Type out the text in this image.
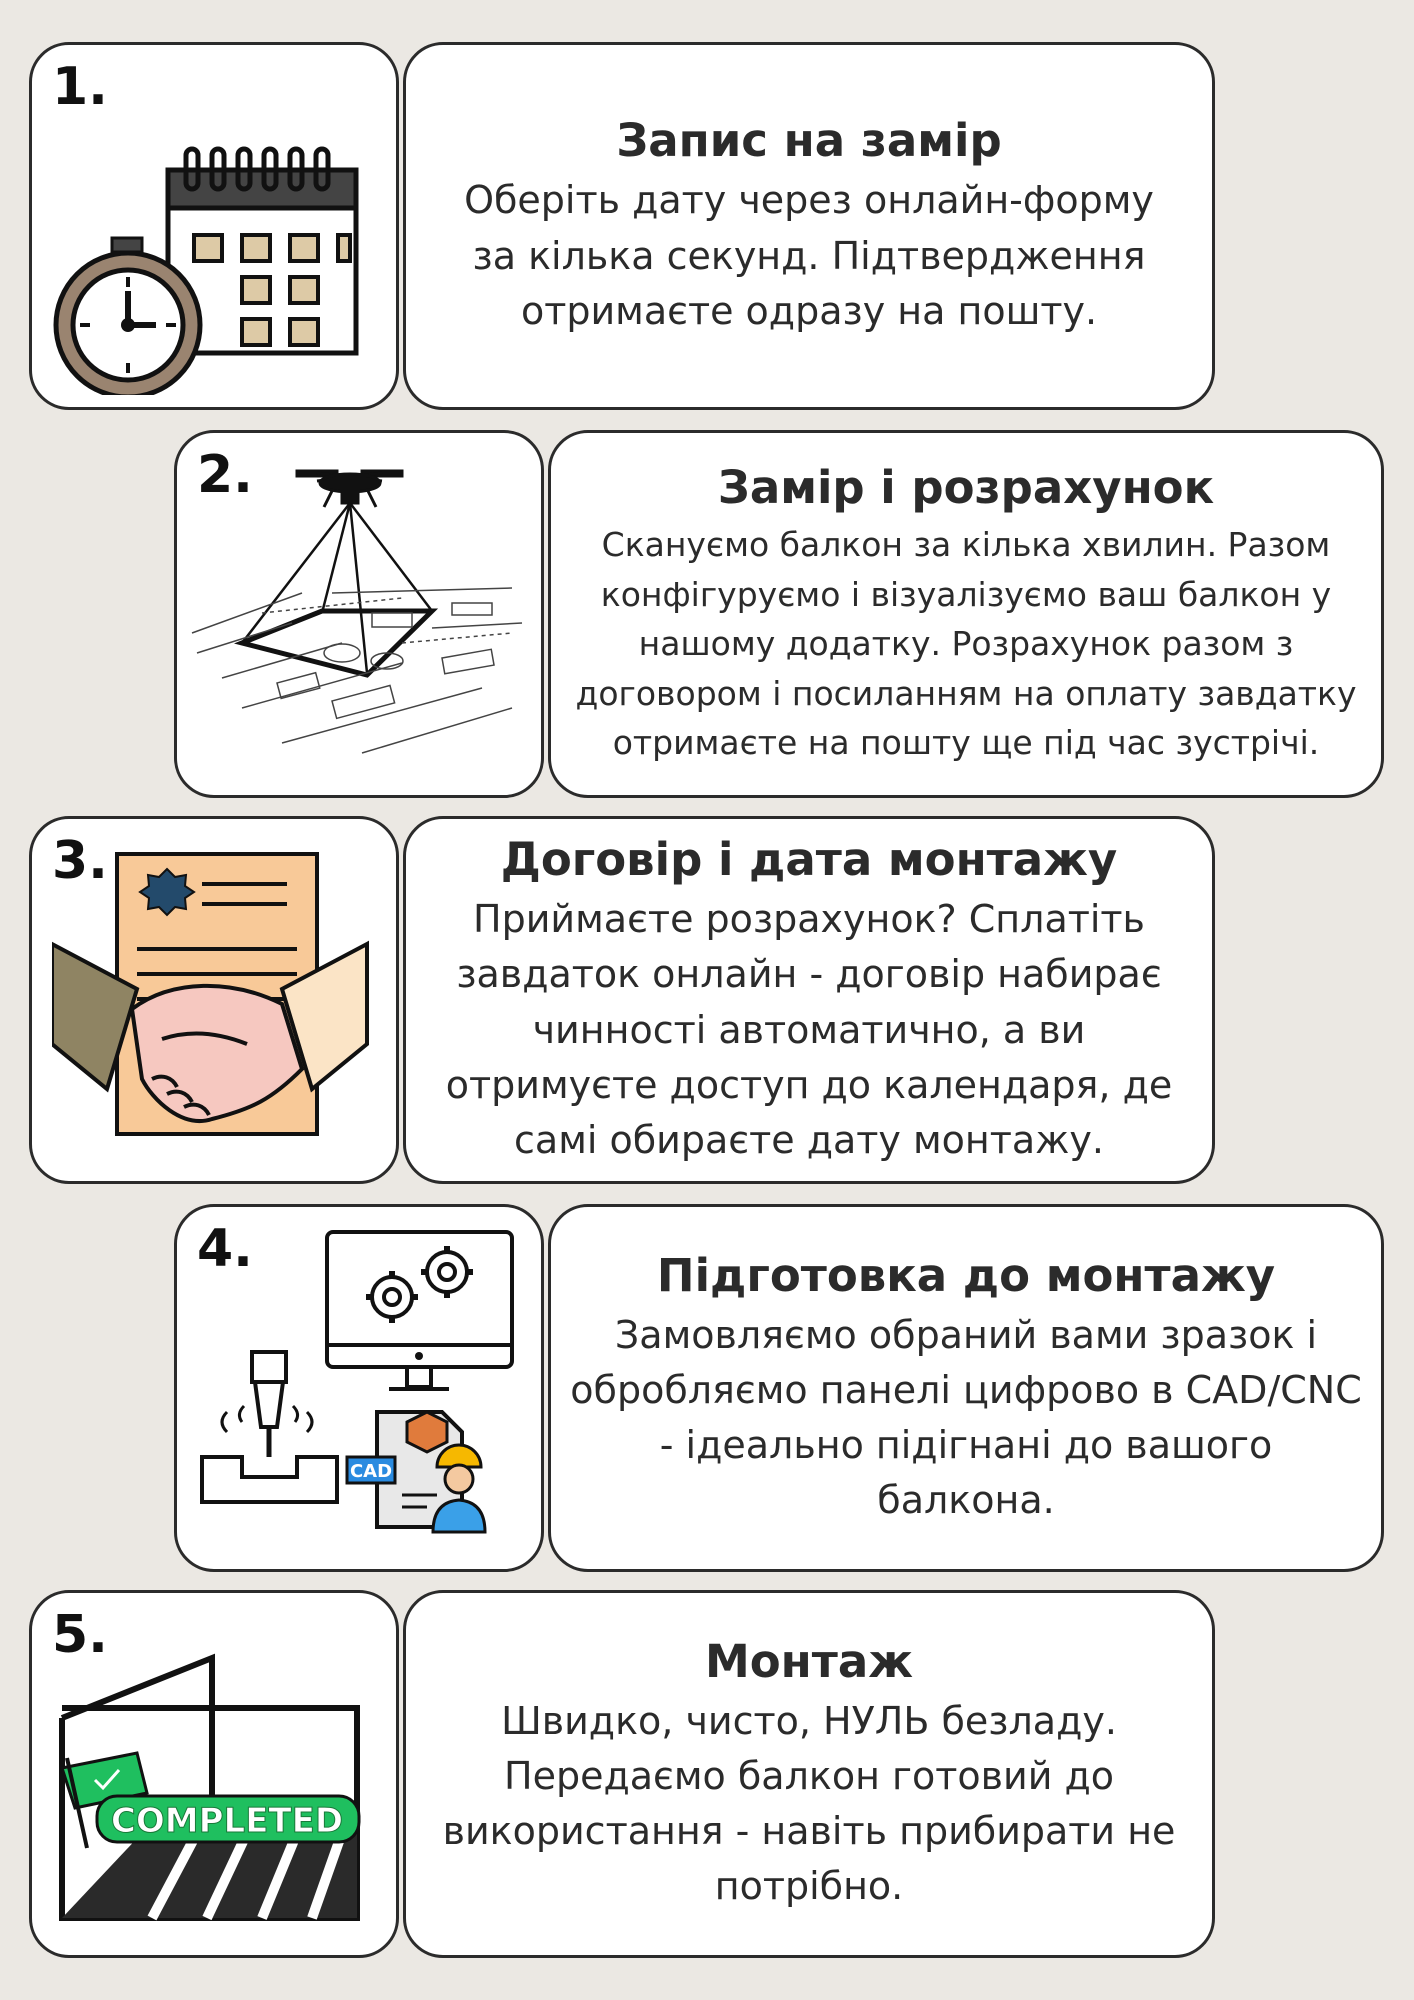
1.
Запис на замір

Оберіть дату через онлайн-форму за кілька секунд. Підтвердження отримаєте одразу на пошту.

2.	Замір і розрахунок

Скануємо балкон за кілька хвилин. Разом конфігуруємо і візуалізуємо ваш балкон у нашому додатку. Розрахунок разом з договором і посиланням на оплату завдатку отримаєте на пошту ще під час зустрічі.

3.	Договір і дата монтажу

Приймаєте розрахунок? Сплатіть завдаток онлайн - договір набирає чинності автоматично, а ви отримуєте доступ до календаря, де самі обираєте дату монтажу.

4.
CAD
Підготовка до монтажу

Замовляємо обраний вами зразок і обробляємо панелі цифрово в CAD/CNC - ідеально підігнані до вашого балкона.

5.
COMPLETED
Монтаж

Швидко, чисто, НУЛЬ безладу. Передаємо балкон готовий до використання - навіть прибирати не потрібно.
